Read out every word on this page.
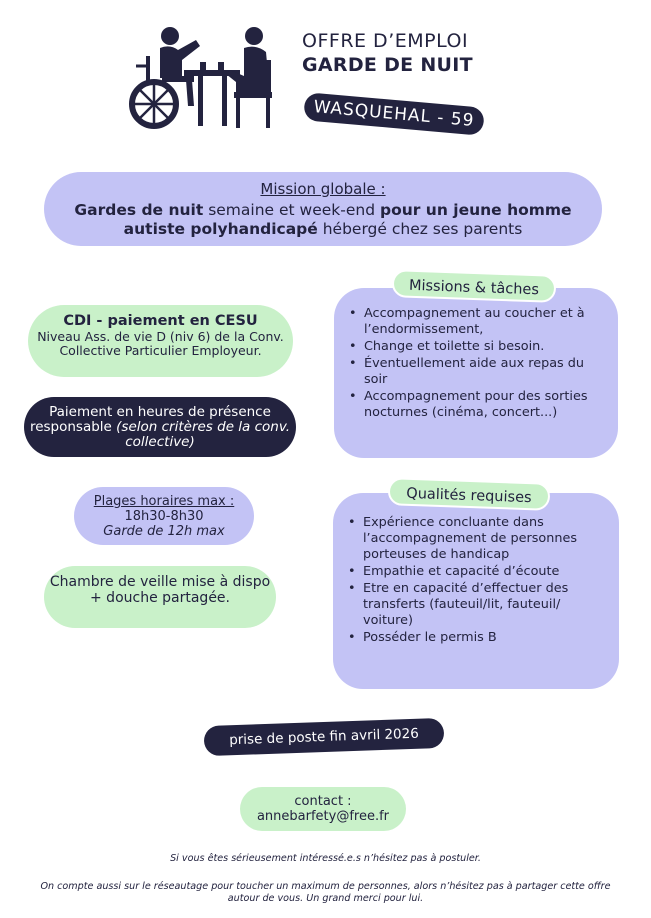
OFFRE D’EMPLOI
GARDE DE NUIT
WASQUEHAL - 59
Mission globale :
Gardes de nuit semaine et week-end pour un jeune homme autiste polyhandicapé hébergé chez ses parents
CDI - paiement en CESU
Niveau Ass. de vie D (niv 6) de la Conv. Collective Particulier Employeur.
Paiement en heures de présence responsable (selon critères de la conv. collective)
Plages horaires max :
18h30-8h30
Garde de 12h max
Chambre de veille mise à dispo
+ douche partagée.
• Accompagnement au coucher et à l’endormissement,
• Change et toilette si besoin.
• Éventuellement aide aux repas du soir
• Accompagnement pour des sorties nocturnes (cinéma, concert...)
Missions & tâches
• Expérience concluante dans l’accompagnement de personnes porteuses de handicap
• Empathie et capacité d’écoute
• Etre en capacité d’effectuer des transferts (fauteuil/lit, fauteuil/ voiture)
• Posséder le permis B
Qualités requises
prise de poste fin avril 2026
contact :
annebarfety@free.fr
Si vous êtes sérieusement intéressé.e.s n’hésitez pas à postuler.
On compte aussi sur le réseautage pour toucher un maximum de personnes, alors n’hésitez pas à partager cette offre autour de vous. Un grand merci pour lui.
